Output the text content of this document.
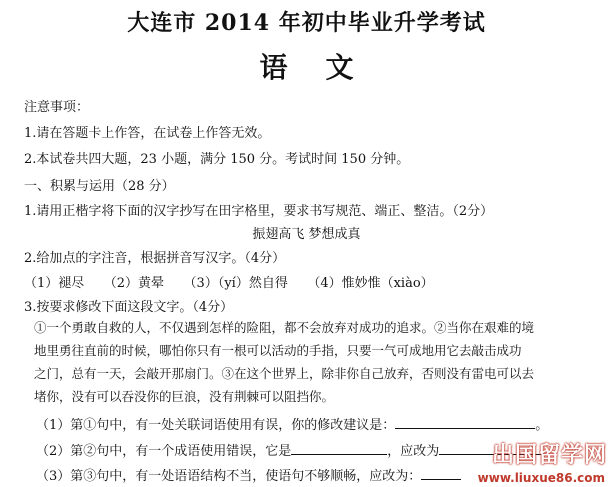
大连市 2014 年初中毕业升学考试
语文
注意事项：
1.请在答题卡上作答，在试卷上作答无效。
2.本试卷共四大题，23 小题，满分 150 分。考试时间 150 分钟。
一、积累与运用（28 分）
1.请用正楷字将下面的汉字抄写在田字格里，要求书写规范、端正、整洁。（2分）
振翅高飞 梦想成真
2.给加点的字注音，根据拼音写汉字。（4分）
（1）褪尽　　（2）黄晕　　（3）（yí）然自得　　（4）惟妙惟（xiào）
3.按要求修改下面这段文字。（4分）

①一个勇敢自救的人，不仅遇到怎样的险阻，都不会放弃对成功的追求。②当你在艰难的境

地里勇往直前的时候，哪怕你只有一根可以活动的手指，只要一气可成地用它去敲击成功

之门，总有一天，会敲开那扇门。③在这个世界上，除非你自己放弃，否则没有雷电可以去

堵你，没有可以吞没你的巨浪，没有荆棘可以阻挡你。

（1）第①句中，有一处关联词语使用有误，你的修改建议是：	。
（2）第②句中，有一个成语使用错误，它是	，应改为
（3）第③句中，有一处语语结构不当，使语句不够顺畅，应改为：
出国留学网
www.liuxue86.com
